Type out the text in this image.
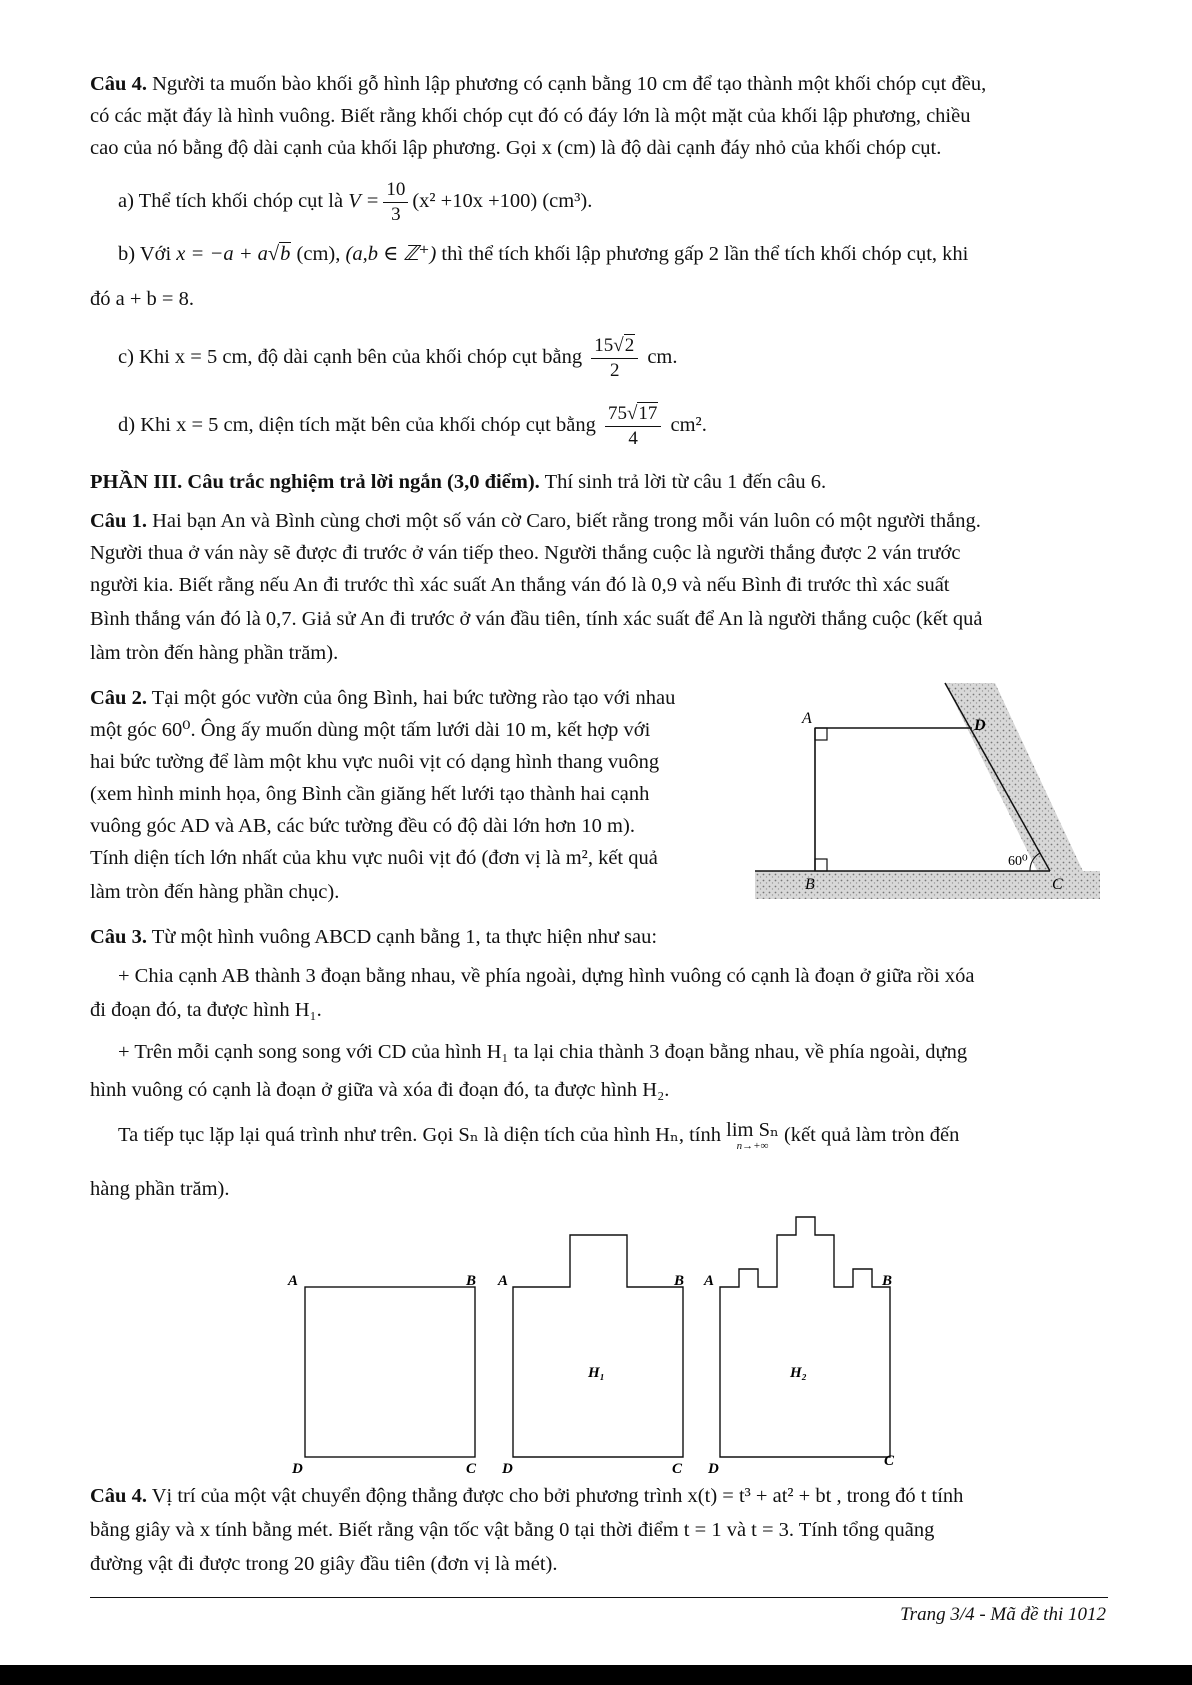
Câu 4. Người ta muốn bào khối gỗ hình lập phương có cạnh bằng 10 cm để tạo thành một khối chóp cụt đều,
có các mặt đáy là hình vuông. Biết rằng khối chóp cụt đó có đáy lớn là một mặt của khối lập phương, chiều
cao của nó bằng độ dài cạnh của khối lập phương. Gọi x (cm) là độ dài cạnh đáy nhỏ của khối chóp cụt.
a) Thể tích khối chóp cụt là $V = \frac{10}{3} (x^2 +10x +100)$ (cm³).
b) Với x = −a + a√b (cm), (a,b ∈ ℤ⁺) thì thể tích khối lập phương gấp 2 lần thể tích khối chóp cụt, khi
đó a + b = 8.
c) Khi x = 5 cm, độ dài cạnh bên của khối chóp cụt bằng $\frac{15√2}{2}$ cm.
d) Khi x = 5 cm, diện tích mặt bên của khối chóp cụt bằng $\frac{75√17}{4} cm^2$.
PHẦN III. Câu trắc nghiệm trả lời ngắn (3,0 điểm). Thí sinh trả lời từ câu 1 đến câu 6.
Câu 1. Hai bạn An và Bình cùng chơi một số ván cờ Caro, biết rằng trong mỗi ván luôn có một người thắng.
Người thua ở ván này sẽ được đi trước ở ván tiếp theo. Người thắng cuộc là người thắng được 2 ván trước
người kia. Biết rằng nếu An đi trước thì xác suất An thắng ván đó là 0,9 và nếu Bình đi trước thì xác suất
Bình thắng ván đó là 0,7. Giả sử An đi trước ở ván đầu tiên, tính xác suất để An là người thắng cuộc (kết quả
làm tròn đến hàng phần trăm).
Câu 2. Tại một góc vườn của ông Bình, hai bức tường rào tạo với nhau
một góc 60⁰. Ông ấy muốn dùng một tấm lưới dài 10 m, kết hợp với
hai bức tường để làm một khu vực nuôi vịt có dạng hình thang vuông
(xem hình minh họa, ông Bình cần giăng hết lưới tạo thành hai cạnh
vuông góc AD và AB, các bức tường đều có độ dài lớn hơn 10 m).
Tính diện tích lớn nhất của khu vực nuôi vịt đó (đơn vị là m², kết quả
làm tròn đến hàng phần chục).
A	D
B	C
60⁰
Câu 3. Từ một hình vuông ABCD cạnh bằng 1, ta thực hiện như sau:
+ Chia cạnh AB thành 3 đoạn bằng nhau, về phía ngoài, dựng hình vuông có cạnh là đoạn ở giữa rồi xóa
đi đoạn đó, ta được hình H₁.
+ Trên mỗi cạnh song song với CD của hình H₁ ta lại chia thành 3 đoạn bằng nhau, về phía ngoài, dựng
hình vuông có cạnh là đoạn ở giữa và xóa đi đoạn đó, ta được hình H₂.
Ta tiếp tục lặp lại quá trình như trên. Gọi Sₙ là diện tích của hình Hₙ, tính lim Sₙ
n→+∞ (kết quả làm tròn đến
hàng phần trăm).
A	B
D	C
A	B
D	C
H₁
A	B
D	C
H₂
Câu 4. Vị trí của một vật chuyển động thẳng được cho bởi phương trình x(t) = t³ + at² + bt , trong đó t tính
bằng giây và x tính bằng mét. Biết rằng vận tốc vật bằng 0 tại thời điểm t = 1 và t = 3. Tính tổng quãng
đường vật đi được trong 20 giây đầu tiên (đơn vị là mét).
Trang 3/4 - Mã đề thi 1012
